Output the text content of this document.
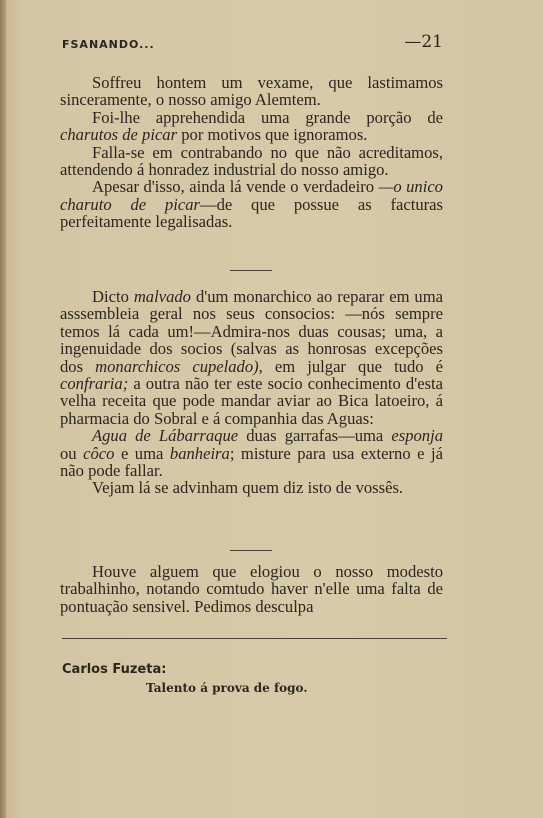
FSANANDO...	—21

Soffreu hontem um vexame, que lastimamos sinceramente, o nosso amigo Alemtem.

Foi-lhe apprehendida uma grande porção de charutos de picar por motivos que ignoramos.

Falla-se em contrabando no que não acreditamos, attendendo á honradez industrial do nosso amigo.

Apesar d'isso, ainda lá vende o verdadeiro —o unico charuto de picar—de que possue as facturas perfeitamente legalisadas.

Dicto malvado d'um monarchico ao reparar em uma asssembleia geral nos seus consocios: —nós sempre temos lá cada um!—Admira-nos duas cousas; uma, a ingenuidade dos socios (salvas as honrosas excepções dos monarchicos cupelado), em julgar que tudo é confraria; a outra não ter este socio conhecimento d'esta velha receita que pode mandar aviar ao Bica latoeiro, á pharmacia do Sobral e á companhia das Aguas:

Agua de Lábarraque duas garrafas—uma esponja ou côco e uma banheira; misture para usa externo e já não pode fallar.

Vejam lá se advinham quem diz isto de vossês.

Houve alguem que elogiou o nosso modesto trabalhinho, notando comtudo haver n'elle uma falta de pontuação sensivel. Pedimos desculpa

Carlos Fuzeta:
Talento á prova de fogo.
